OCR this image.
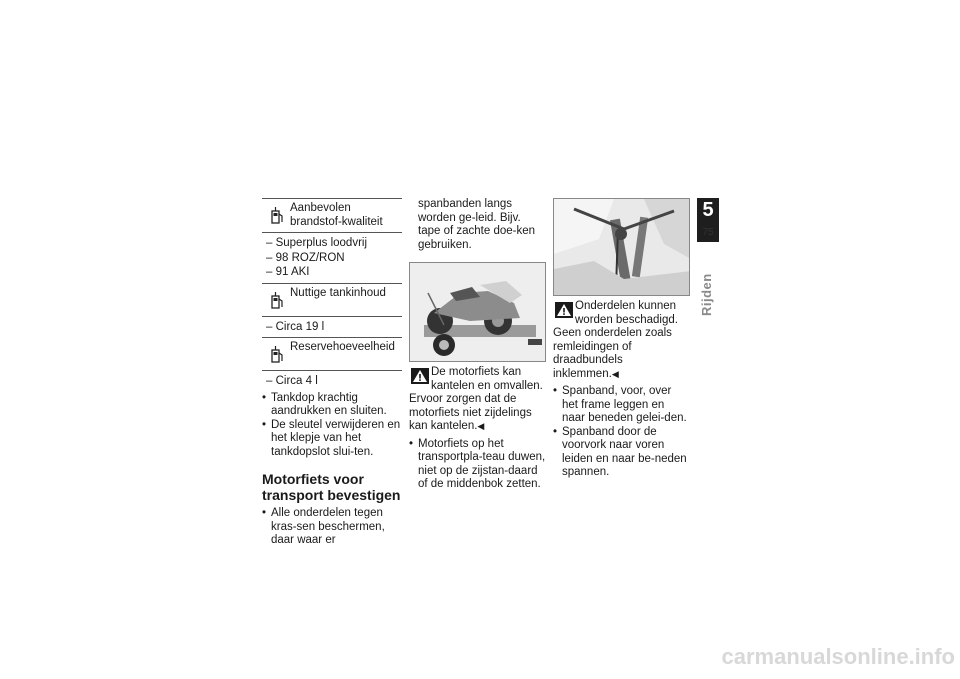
Aanbevolen brandstof-kwaliteit
– Superplus loodvrij
– 98 ROZ/RON
– 91 AKI
Nuttige tankinhoud
– Circa 19 l
Reservehoeveelheid
– Circa 4 l

• Tankdop krachtig aandrukken en sluiten.

• De sleutel verwijderen en het klepje van het tankdopslot slui-ten.

Motorfiets voor transport bevestigen

• Alle onderdelen tegen kras-sen beschermen, daar waar er

spanbanden langs worden ge-leid. Bijv. tape of zachte doe-ken gebruiken.

De motorfiets kan kantelen en omvallen.

Ervoor zorgen dat de motorfiets niet zijdelings kan kantelen. ◀

• Motorfiets op het transportpla-teau duwen, niet op de zijstan-daard of de middenbok zetten.

Onderdelen kunnen worden beschadigd.

Geen onderdelen zoals remleidingen of draadbundels inklemmen. ◀

• Spanband, voor, over het frame leggen en naar beneden gelei-den.

• Spanband door de voorvork naar voren leiden en naar be-neden spannen.

5
75
Rijden
carmanualsonline.info
